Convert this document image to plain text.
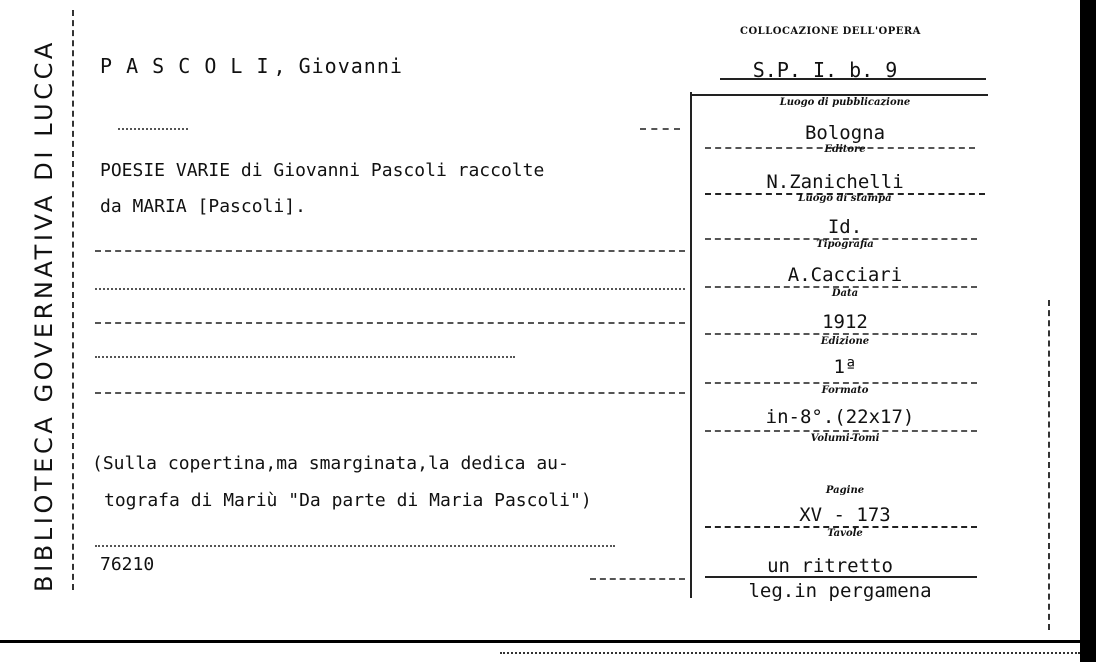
BIBLIOTECA GOVERNATIVA DI LUCCA P A S C O L I , Giovanni
COLLOCAZIONE DELL'OPERA
S.P. I. b. 9
POESIE VARIE di Giovanni Pascoli raccolte
da MARIA [Pascoli].
(Sulla copertina,ma smarginata,la dedica au-
tografa di Mariù "Da parte di Maria Pascoli")
76210
Luogo di pubblicazione
Bologna
Editore
N.Zanichelli
Luogo di stampa
Id.
Tipografia
A.Cacciari
Data
1912
Edizione
1ª
Formato
in-8°.(22x17)
Volumi-Tomi
Pagine
XV - 173
Tavole
un ritretto
leg.in pergamena
